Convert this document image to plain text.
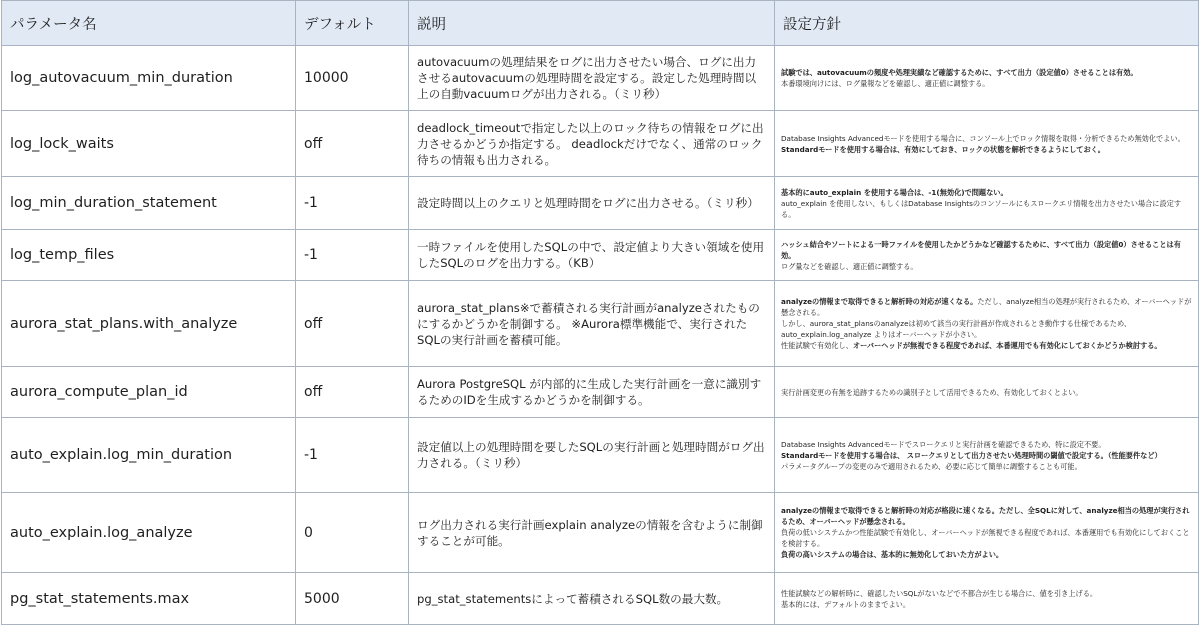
パラメータ名	デフォルト	説明	設定方針
log_autovacuum_min_duration	10000	autovacuumの処理結果をログに出力させたい場合、ログに出力させるautovacuumの処理時間を設定する。設定した処理時間以上の自動vacuumログが出力される。（ミリ秒）	試験では、autovacuumの頻度や処理実績など確認するために、すべて出力（設定値0）させることは有効。
本番環境向けには、ログ量報などを確認し、適正値に調整する。

log_lock_waits	off	deadlock_timeoutで指定した以上のロック待ちの情報をログに出力させるかどうか指定する。 deadlockだけでなく、通常のロック待ちの情報も出力される。	Database Insights Advancedモードを使用する場合に、コンソール上でロック情報を取得・分析できるため無効化でよい。
Standardモードを使用する場合は、有効にしておき、ロックの状態を解析できるようにしておく。

log_min_duration_statement	-1	設定時間以上のクエリと処理時間をログに出力させる。（ミリ秒）	基本的にauto_explain を使用する場合は、-1(無効化)で問題ない。
auto_explain を使用しない、もしくはDatabase Insightsのコンソールにもスロークエリ情報を出力させたい場合に設定する。

log_temp_files	-1	一時ファイルを使用したSQLの中で、設定値より大きい領域を使用したSQLのログを出力する。（KB）	ハッシュ結合やソートによる一時ファイルを使用したかどうかなど確認するために、すべて出力（設定値0）させることは有効。
ログ量などを確認し、適正値に調整する。

aurora_stat_plans.with_analyze	off	aurora_stat_plans※で蓄積される実行計画がanalyzeされたものにするかどうかを制御する。 ※Aurora標準機能で、実行されたSQLの実行計画を蓄積可能。	analyzeの情報まで取得できると解析時の対応が速くなる。ただし、analyze相当の処理が実行されるため、オーバーヘッドが懸念される。
しかし、aurora_stat_plansのanalyzeは初めて該当の実行計画が作成されるとき動作する仕様であるため、auto_explain.log_analyze よりはオーバーヘッドが小さい。
性能試験で有効化し、オーバーヘッドが無視できる程度であれば、本番運用でも有効化にしておくかどうか検討する。

aurora_compute_plan_id	off	Aurora PostgreSQL が内部的に生成した実行計画を一意に識別するためのIDを生成するかどうかを制御する。	実行計画変更の有無を追跡するための識別子として活用できるため、有効化しておくとよい。

auto_explain.log_min_duration	-1	設定値以上の処理時間を要したSQLの実行計画と処理時間がログ出力される。（ミリ秒）	Database Insights Advancedモードでスロークエリと実行計画を確認できるため、特に設定不要。
Standardモードを使用する場合は、 スロークエリとして出力させたい処理時間の閾値で設定する。（性能要件など）
パラメータグループの変更のみで適用されるため、必要に応じて簡単に調整することも可能。

auto_explain.log_analyze	0	ログ出力される実行計画explain analyzeの情報を含むように制御することが可能。	analyzeの情報まで取得できると解析時の対応が格段に速くなる。ただし、全SQLに対して、analyze相当の処理が実行されるため、オーバーヘッドが懸念される。
負荷の低いシステムかつ性能試験で有効化し、オーバーヘッドが無視できる程度であれば、本番運用でも有効化にしておくことを検討する。
負荷の高いシステムの場合は、基本的に無効化しておいた方がよい。

pg_stat_statements.max	5000	pg_stat_statementsによって蓄積されるSQL数の最大数。	性能試験などの解析時に、確認したいSQLがないなどで不都合が生じる場合に、値を引き上げる。
基本的には、デフォルトのままでよい。
